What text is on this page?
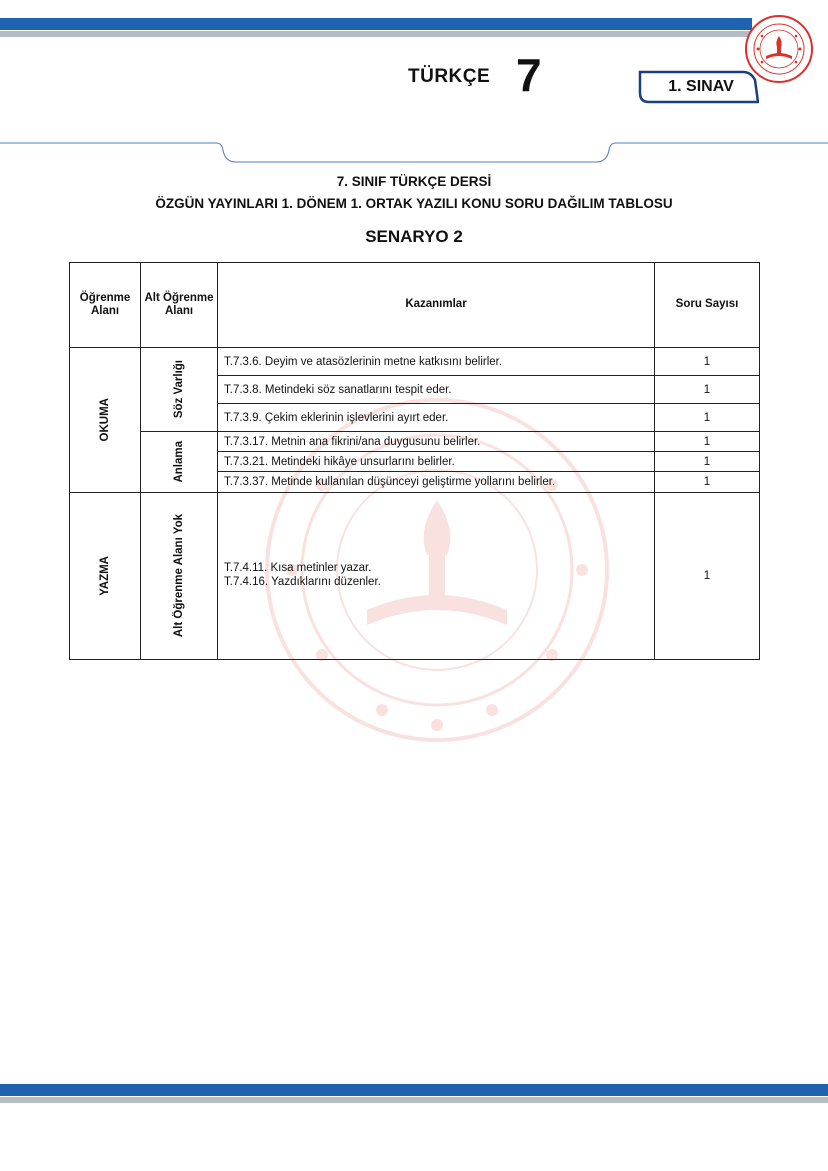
TÜRKÇE 7	1. SINAV
7. SINIF TÜRKÇE DERSİ
ÖZGÜN YAYINLARI 1. DÖNEM 1. ORTAK YAZILI KONU SORU DAĞILIM TABLOSU
SENARYO 2
Öğrenme Alanı	Alt Öğrenme Alanı	Kazanımlar	Soru Sayısı

OKUMA	Söz Varlığı	T.7.3.6. Deyim ve atasözlerinin metne katkısını belirler.	1
		T.7.3.8. Metindeki söz sanatlarını tespit eder.	1
		T.7.3.9. Çekim eklerinin işlevlerini ayırt eder.	1

	Anlama	T.7.3.17. Metnin ana fikrini/ana duygusunu belirler.	1
		T.7.3.21. Metindeki hikâye unsurlarını belirler.	1
		T.7.3.37. Metinde kullanılan düşünceyi geliştirme yollarını belirler.	1

YAZMA	Alt Öğrenme Alanı Yok	T.7.4.11. Kısa metinler yazar.
T.7.4.16. Yazdıklarını düzenler.	1
